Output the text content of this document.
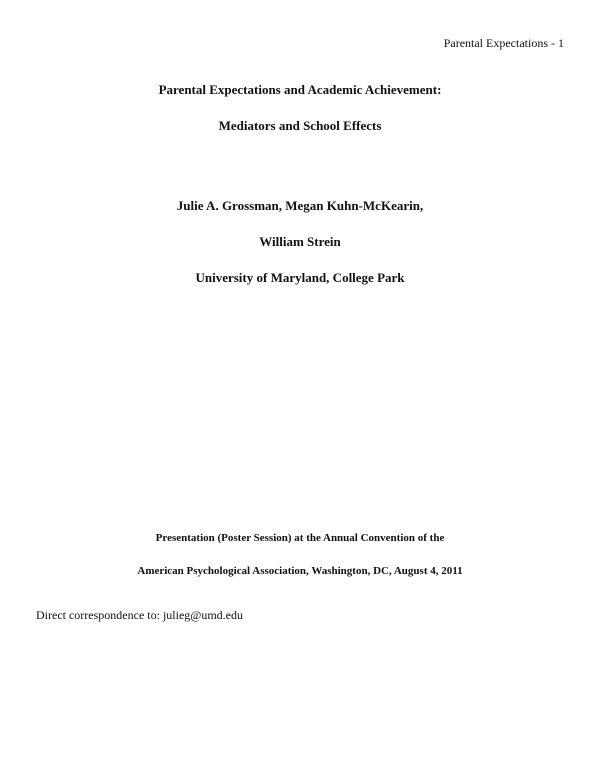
Parental Expectations - 1
Parental Expectations and Academic Achievement:
Mediators and School Effects
Julie A. Grossman, Megan Kuhn-McKearin,
William Strein
University of Maryland, College Park
Presentation (Poster Session) at the Annual Convention of the
American Psychological Association, Washington, DC, August 4, 2011
Direct correspondence to: julieg@umd.edu
